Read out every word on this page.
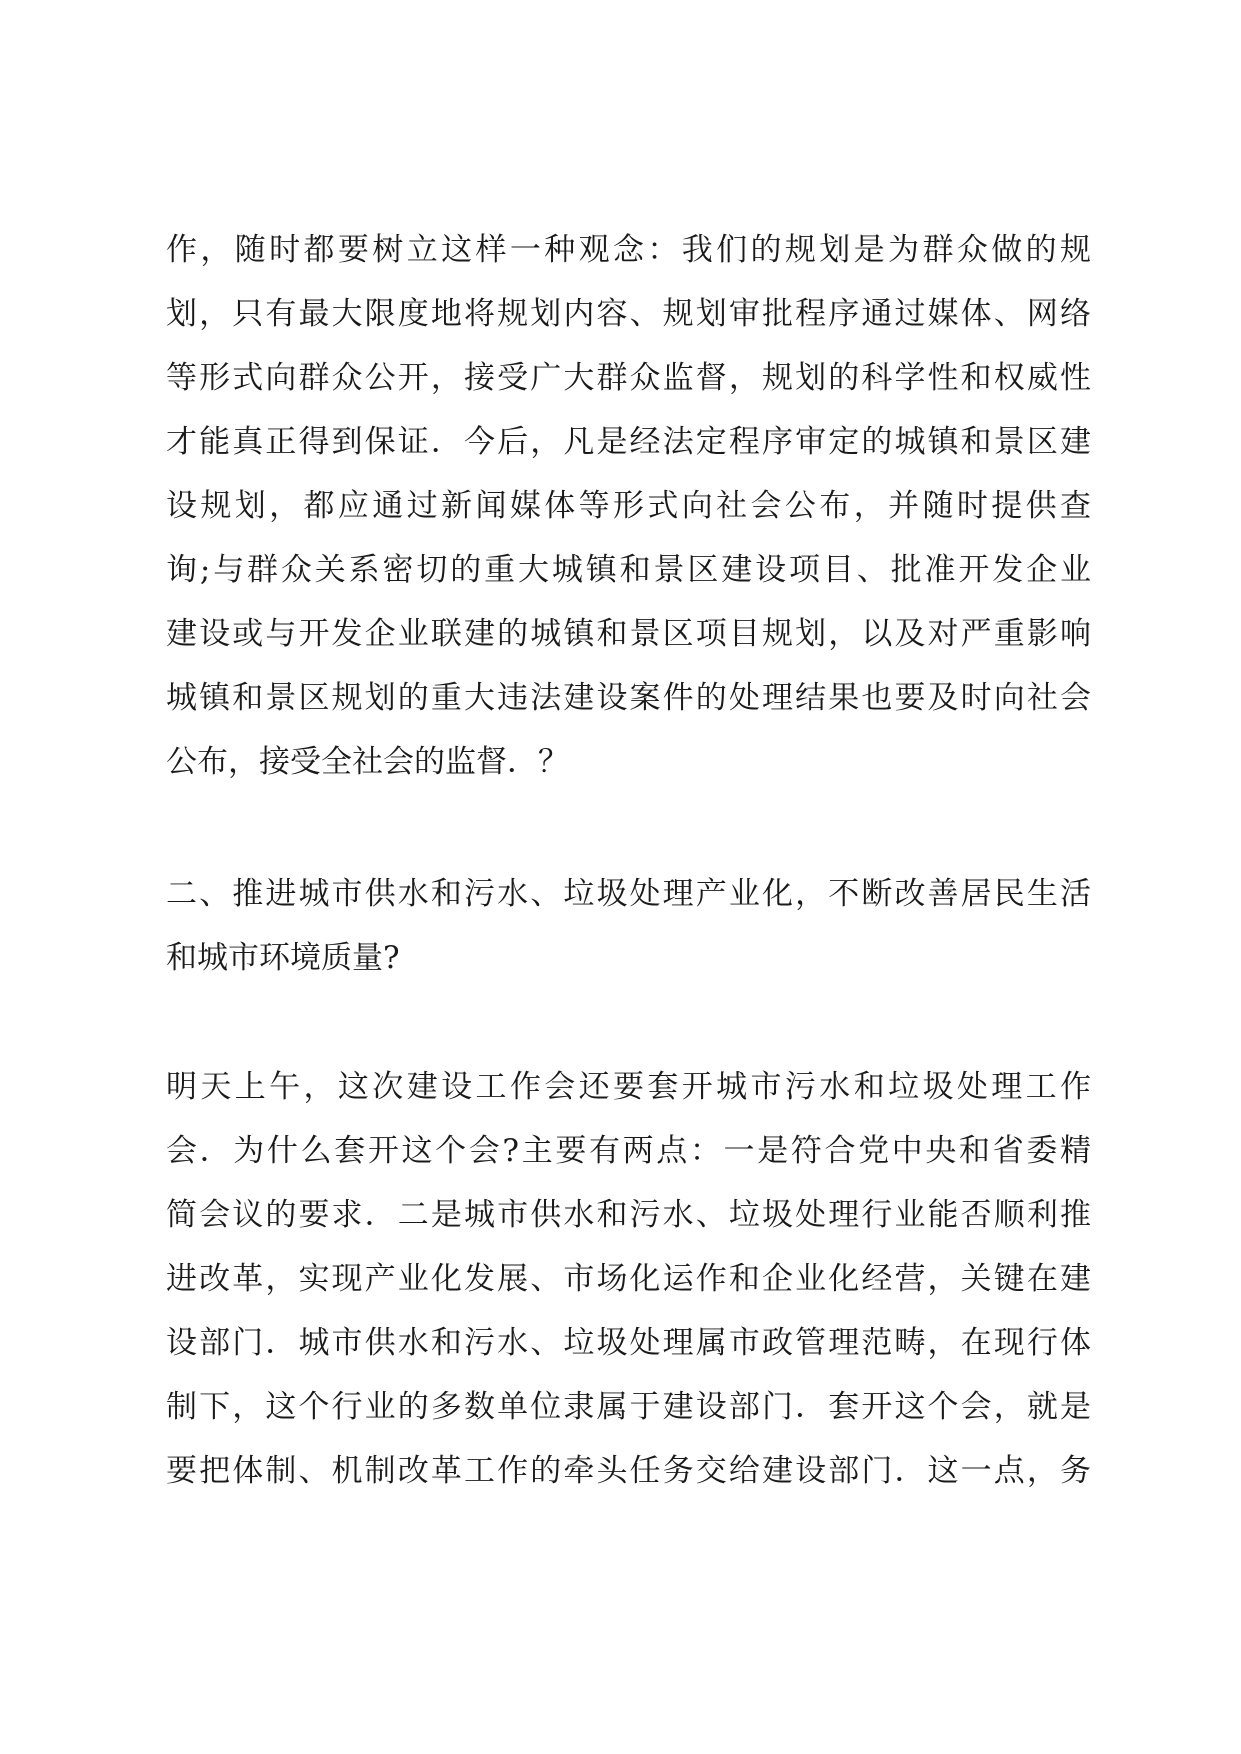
作，随时都要树立这样一种观念：我们的规划是为群众做的规
划，只有最大限度地将规划内容、规划审批程序通过媒体、网络
等形式向群众公开，接受广大群众监督，规划的科学性和权威性
才能真正得到保证．今后，凡是经法定程序审定的城镇和景区建
设规划，都应通过新闻媒体等形式向社会公布，并随时提供查
询;与群众关系密切的重大城镇和景区建设项目、批准开发企业
建设或与开发企业联建的城镇和景区项目规划，以及对严重影响
城镇和景区规划的重大违法建设案件的处理结果也要及时向社会
公布，接受全社会的监督．？
二、推进城市供水和污水、垃圾处理产业化，不断改善居民生活
和城市环境质量?
明天上午，这次建设工作会还要套开城市污水和垃圾处理工作
会．为什么套开这个会?主要有两点：一是符合党中央和省委精
简会议的要求．二是城市供水和污水、垃圾处理行业能否顺利推
进改革，实现产业化发展、市场化运作和企业化经营，关键在建
设部门．城市供水和污水、垃圾处理属市政管理范畴，在现行体
制下，这个行业的多数单位隶属于建设部门．套开这个会，就是
要把体制、机制改革工作的牵头任务交给建设部门．这一点，务
